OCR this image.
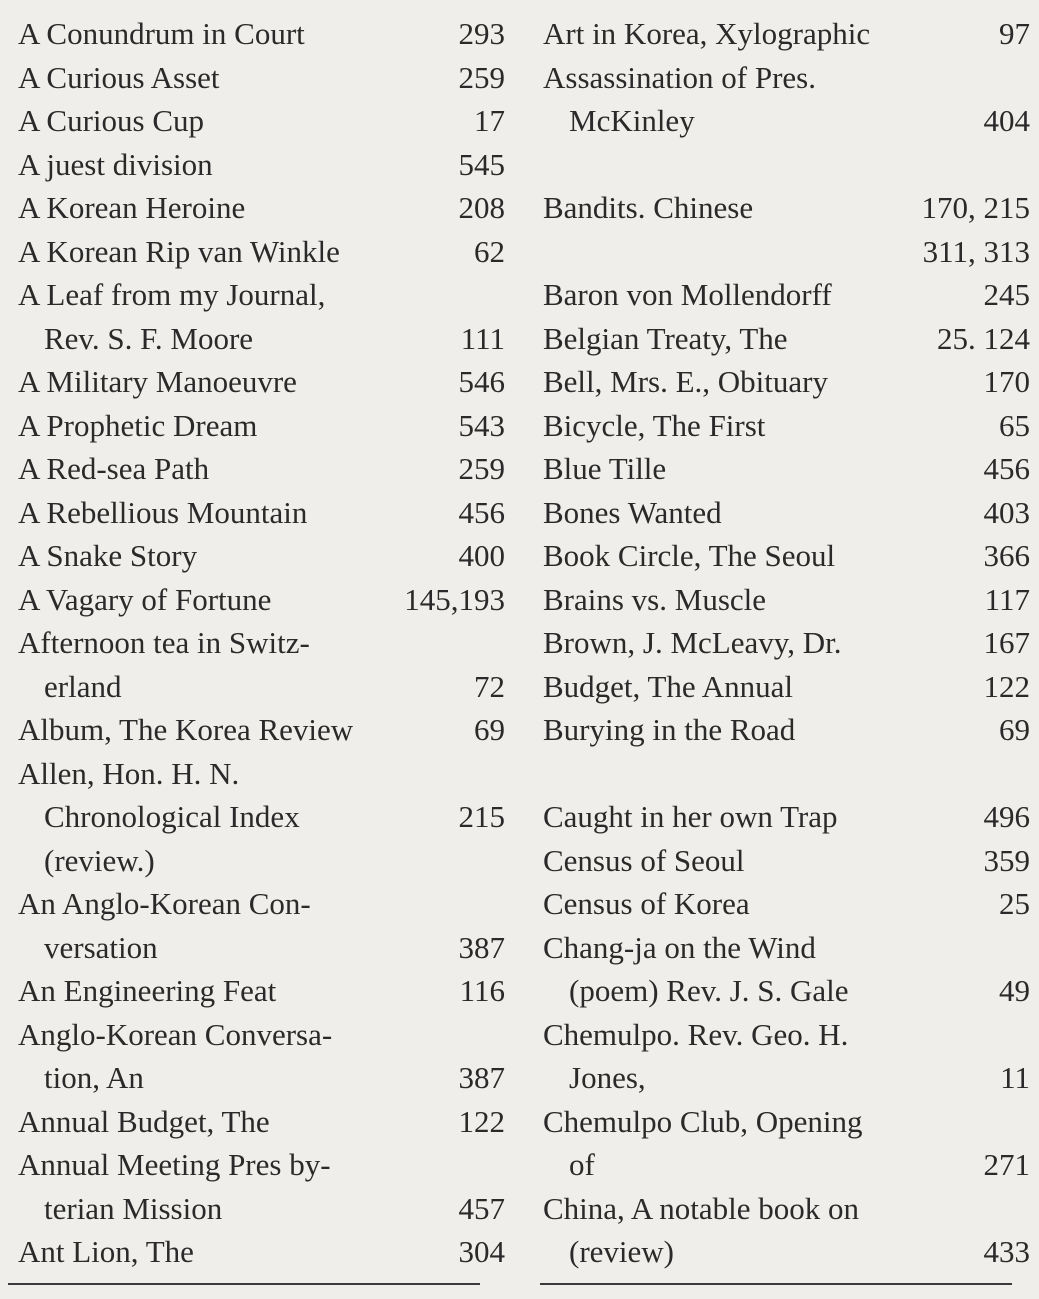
A Conundrum in Court	293
A Curious Asset	259
A Curious Cup	17
A juest division	545
A Korean Heroine	208
A Korean Rip van Winkle	62
A Leaf from my Journal,
Rev. S. F. Moore	111
A Military Manoeuvre	546
A Prophetic Dream	543
A Red-sea Path	259
A Rebellious Mountain	456
A Snake Story	400
A Vagary of Fortune	145,193
Afternoon tea in Switz-
erland	72
Album, The Korea Review	69
Allen, Hon. H. N.
Chronological Index	215
(review.)
An Anglo-Korean Con-
versation	387
An Engineering Feat	116
Anglo-Korean Conversa-
tion, An	387
Annual Budget, The	122
Annual Meeting Pres by-
terian Mission	457
Ant Lion, The	304
Art in Korea, Xylographic	97
Assassination of Pres.
McKinley	404
Bandits. Chinese	170, 215
311, 313
Baron von Mollendorff	245
Belgian Treaty, The	25. 124
Bell, Mrs. E., Obituary	170
Bicycle, The First	65
Blue Tille	456
Bones Wanted	403
Book Circle, The Seoul	366
Brains vs. Muscle	117
Brown, J. McLeavy, Dr.	167
Budget, The Annual	122
Burying in the Road	69
Caught in her own Trap	496
Census of Seoul	359
Census of Korea	25
Chang-ja on the Wind
(poem) Rev. J. S. Gale	49
Chemulpo. Rev. Geo. H.
Jones,	11
Chemulpo Club, Opening
of	271
China, A notable book on
(review)	433
